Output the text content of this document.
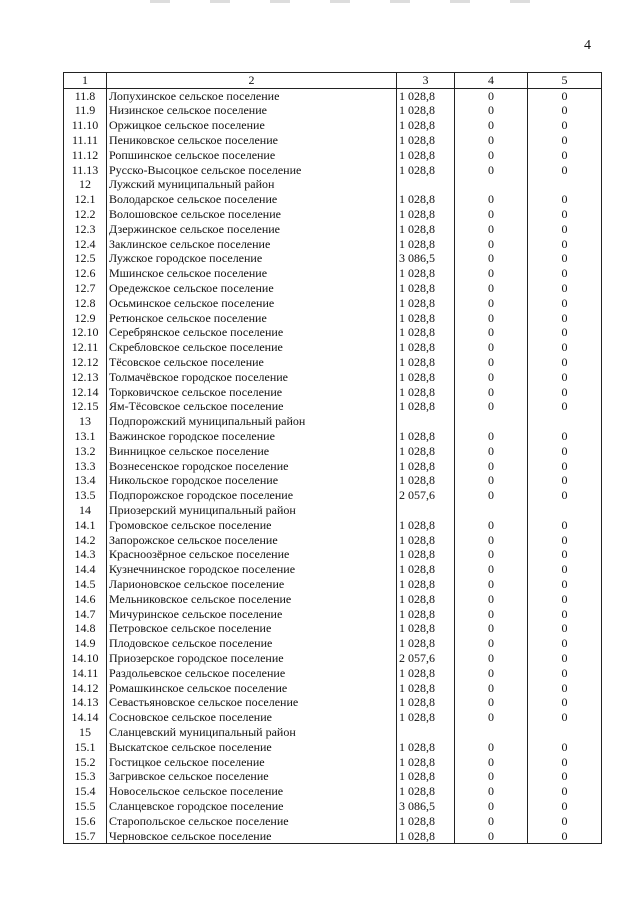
4
1	2	3	4	5
11.8	Лопухинское сельское поселение	1 028,8	0	0
11.9	Низинское сельское поселение	1 028,8	0	0
11.10	Оржицкое сельское поселение	1 028,8	0	0
11.11	Пениковское сельское поселение	1 028,8	0	0
11.12	Ропшинское сельское поселение	1 028,8	0	0
11.13	Русско-Высоцкое сельское поселение	1 028,8	0	0
12	Лужский муниципальный район			
12.1	Володарское сельское поселение	1 028,8	0	0
12.2	Волошовское сельское поселение	1 028,8	0	0
12.3	Дзержинское сельское поселение	1 028,8	0	0
12.4	Заклинское сельское поселение	1 028,8	0	0
12.5	Лужское городское поселение	3 086,5	0	0
12.6	Мшинское сельское поселение	1 028,8	0	0
12.7	Оредежское сельское поселение	1 028,8	0	0
12.8	Осьминское сельское поселение	1 028,8	0	0
12.9	Ретюнское сельское поселение	1 028,8	0	0
12.10	Серебрянское сельское поселение	1 028,8	0	0
12.11	Скребловское сельское поселение	1 028,8	0	0
12.12	Тёсовское сельское поселение	1 028,8	0	0
12.13	Толмачёвское городское поселение	1 028,8	0	0
12.14	Торковичское сельское поселение	1 028,8	0	0
12.15	Ям-Тёсовское сельское поселение	1 028,8	0	0
13	Подпорожский муниципальный район			
13.1	Важинское городское поселение	1 028,8	0	0
13.2	Винницкое сельское поселение	1 028,8	0	0
13.3	Вознесенское городское поселение	1 028,8	0	0
13.4	Никольское городское поселение	1 028,8	0	0
13.5	Подпорожское городское поселение	2 057,6	0	0
14	Приозерский муниципальный район			
14.1	Громовское сельское поселение	1 028,8	0	0
14.2	Запорожское сельское поселение	1 028,8	0	0
14.3	Красноозёрное сельское поселение	1 028,8	0	0
14.4	Кузнечнинское городское поселение	1 028,8	0	0
14.5	Ларионовское сельское поселение	1 028,8	0	0
14.6	Мельниковское сельское поселение	1 028,8	0	0
14.7	Мичуринское сельское поселение	1 028,8	0	0
14.8	Петровское сельское поселение	1 028,8	0	0
14.9	Плодовское сельское поселение	1 028,8	0	0
14.10	Приозерское городское поселение	2 057,6	0	0
14.11	Раздольевское сельское поселение	1 028,8	0	0
14.12	Ромашкинское сельское поселение	1 028,8	0	0
14.13	Севастьяновское сельское поселение	1 028,8	0	0
14.14	Сосновское сельское поселение	1 028,8	0	0
15	Сланцевский муниципальный район			
15.1	Выскатское сельское поселение	1 028,8	0	0
15.2	Гостицкое сельское поселение	1 028,8	0	0
15.3	Загривское сельское поселение	1 028,8	0	0
15.4	Новосельское сельское поселение	1 028,8	0	0
15.5	Сланцевское городское поселение	3 086,5	0	0
15.6	Старопольское сельское поселение	1 028,8	0	0
15.7	Черновское сельское поселение	1 028,8	0	0
